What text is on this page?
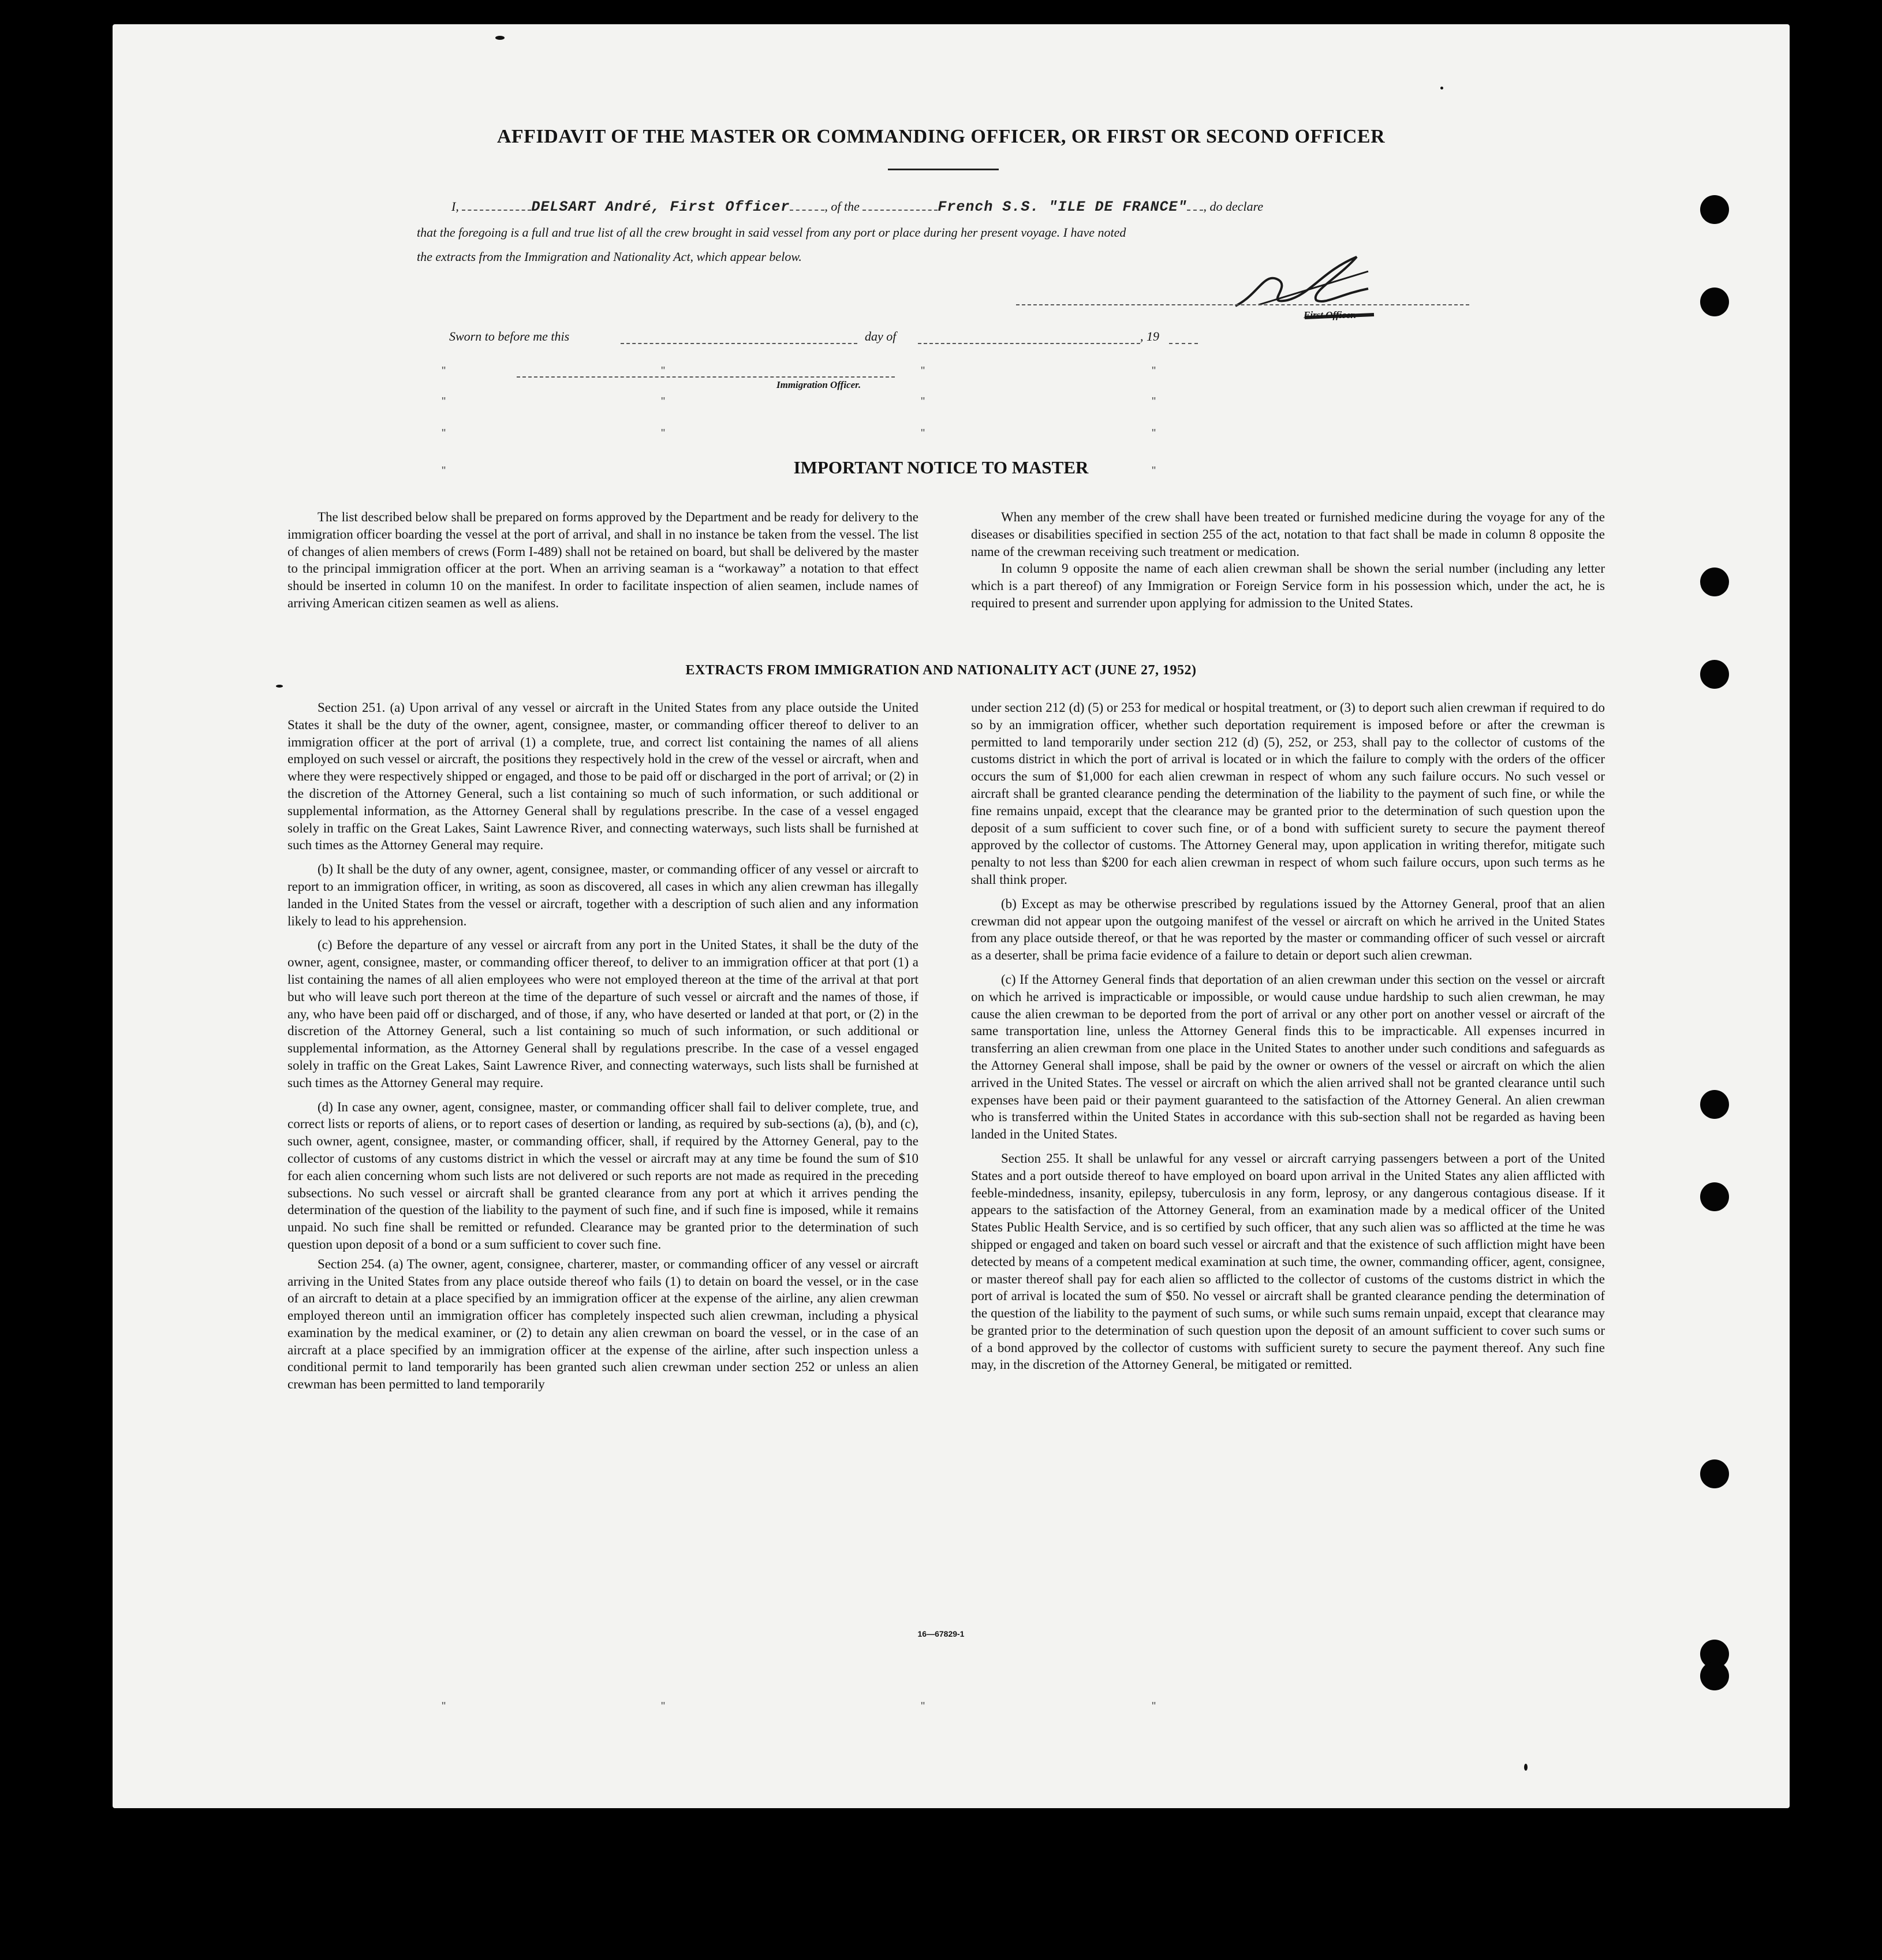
AFFIDAVIT OF THE MASTER OR COMMANDING OFFICER, OR FIRST OR SECOND OFFICER
I,	DELSART André, First Officer	, of the	French S.S. "ILE DE FRANCE" , do declare
that the foregoing is a full and true list of all the crew brought in said vessel from any port or place during her present voyage. I have noted
the extracts from the Immigration and Nationality Act, which appear below.
First Officer.
Sworn to before me this	day of	, 19
Immigration Officer.
"	"	"
"	"	"
"
"
"	"	"	"
"	"
"	"	"	"
IMPORTANT NOTICE TO MASTER

The list described below shall be prepared on forms approved by the Department and be ready for delivery to the immigration officer boarding the vessel at the port of arrival, and shall in no instance be taken from the vessel. The list of changes of alien members of crews (Form I-489) shall not be retained on board, but shall be delivered by the master to the principal immigration officer at the port. When an arriving seaman is a “workaway” a notation to that effect should be inserted in column 10 on the manifest. In order to facilitate inspection of alien seamen, include names of arriving American citizen seamen as well as aliens.

When any member of the crew shall have been treated or furnished medicine during the voyage for any of the diseases or disabilities specified in section 255 of the act, notation to that fact shall be made in column 8 opposite the name of the crewman receiving such treatment or medication.

In column 9 opposite the name of each alien crewman shall be shown the serial number (including any letter which is a part thereof) of any Immigration or Foreign Service form in his possession which, under the act, he is required to present and surrender upon applying for admission to the United States.

EXTRACTS FROM IMMIGRATION AND NATIONALITY ACT (JUNE 27, 1952)

Section 251. (a) Upon arrival of any vessel or aircraft in the United States from any place outside the United States it shall be the duty of the owner, agent, consignee, master, or commanding officer thereof to deliver to an immigration officer at the port of arrival (1) a complete, true, and correct list containing the names of all aliens employed on such vessel or aircraft, the positions they respectively hold in the crew of the vessel or aircraft, when and where they were respectively shipped or engaged, and those to be paid off or discharged in the port of arrival; or (2) in the discretion of the Attorney General, such a list containing so much of such information, or such additional or supplemental information, as the Attorney General shall by regulations prescribe. In the case of a vessel engaged solely in traffic on the Great Lakes, Saint Lawrence River, and connecting waterways, such lists shall be furnished at such times as the Attorney General may require.

(b) It shall be the duty of any owner, agent, consignee, master, or commanding officer of any vessel or aircraft to report to an immigration officer, in writing, as soon as discovered, all cases in which any alien crewman has illegally landed in the United States from the vessel or aircraft, together with a description of such alien and any information likely to lead to his apprehension.

(c) Before the departure of any vessel or aircraft from any port in the United States, it shall be the duty of the owner, agent, consignee, master, or commanding officer thereof, to deliver to an immigration officer at that port (1) a list containing the names of all alien employees who were not employed thereon at the time of the arrival at that port but who will leave such port thereon at the time of the departure of such vessel or aircraft and the names of those, if any, who have been paid off or discharged, and of those, if any, who have deserted or landed at that port, or (2) in the discretion of the Attorney General, such a list containing so much of such information, or such additional or supplemental information, as the Attorney General shall by regulations prescribe. In the case of a vessel engaged solely in traffic on the Great Lakes, Saint Lawrence River, and connecting waterways, such lists shall be furnished at such times as the Attorney General may require.

(d) In case any owner, agent, consignee, master, or commanding officer shall fail to deliver complete, true, and correct lists or reports of aliens, or to report cases of desertion or landing, as required by sub-sections (a), (b), and (c), such owner, agent, consignee, master, or commanding officer, shall, if required by the Attorney General, pay to the collector of customs of any customs district in which the vessel or aircraft may at any time be found the sum of $10 for each alien concerning whom such lists are not delivered or such reports are not made as required in the preceding subsections. No such vessel or aircraft shall be granted clearance from any port at which it arrives pending the determination of the question of the liability to the payment of such fine, and if such fine is imposed, while it remains unpaid. No such fine shall be remitted or refunded. Clearance may be granted prior to the determination of such question upon deposit of a bond or a sum sufficient to cover such fine.

Section 254. (a) The owner, agent, consignee, charterer, master, or commanding officer of any vessel or aircraft arriving in the United States from any place outside thereof who fails (1) to detain on board the vessel, or in the case of an aircraft to detain at a place specified by an immigration officer at the expense of the airline, any alien crewman employed thereon until an immigration officer has completely inspected such alien crewman, including a physical examination by the medical examiner, or (2) to detain any alien crewman on board the vessel, or in the case of an aircraft at a place specified by an immigration officer at the expense of the airline, after such inspection unless a conditional permit to land temporarily has been granted such alien crewman under section 252 or unless an alien crewman has been permitted to land temporarily

under section 212 (d) (5) or 253 for medical or hospital treatment, or (3) to deport such alien crewman if required to do so by an immigration officer, whether such deportation requirement is imposed before or after the crewman is permitted to land temporarily under section 212 (d) (5), 252, or 253, shall pay to the collector of customs of the customs district in which the port of arrival is located or in which the failure to comply with the orders of the officer occurs the sum of $1,000 for each alien crewman in respect of whom any such failure occurs. No such vessel or aircraft shall be granted clearance pending the determination of the liability to the payment of such fine, or while the fine remains unpaid, except that the clearance may be granted prior to the determination of such question upon the deposit of a sum sufficient to cover such fine, or of a bond with sufficient surety to secure the payment thereof approved by the collector of customs. The Attorney General may, upon application in writing therefor, mitigate such penalty to not less than $200 for each alien crewman in respect of whom such failure occurs, upon such terms as he shall think proper.

(b) Except as may be otherwise prescribed by regulations issued by the Attorney General, proof that an alien crewman did not appear upon the outgoing manifest of the vessel or aircraft on which he arrived in the United States from any place outside thereof, or that he was reported by the master or commanding officer of such vessel or aircraft as a deserter, shall be prima facie evidence of a failure to detain or deport such alien crewman.

(c) If the Attorney General finds that deportation of an alien crewman under this section on the vessel or aircraft on which he arrived is impracticable or impossible, or would cause undue hardship to such alien crewman, he may cause the alien crewman to be deported from the port of arrival or any other port on another vessel or aircraft of the same transportation line, unless the Attorney General finds this to be impracticable. All expenses incurred in transferring an alien crewman from one place in the United States to another under such conditions and safeguards as the Attorney General shall impose, shall be paid by the owner or owners of the vessel or aircraft on which the alien arrived in the United States. The vessel or aircraft on which the alien arrived shall not be granted clearance until such expenses have been paid or their payment guaranteed to the satisfaction of the Attorney General. An alien crewman who is transferred within the United States in accordance with this sub-section shall not be regarded as having been landed in the United States.

Section 255. It shall be unlawful for any vessel or aircraft carrying passengers between a port of the United States and a port outside thereof to have employed on board upon arrival in the United States any alien afflicted with feeble-mindedness, insanity, epilepsy, tuberculosis in any form, leprosy, or any dangerous contagious disease. If it appears to the satisfaction of the Attorney General, from an examination made by a medical officer of the United States Public Health Service, and is so certified by such officer, that any such alien was so afflicted at the time he was shipped or engaged and taken on board such vessel or aircraft and that the existence of such affliction might have been detected by means of a competent medical examination at such time, the owner, commanding officer, agent, consignee, or master thereof shall pay for each alien so afflicted to the collector of customs of the customs district in which the port of arrival is located the sum of $50. No vessel or aircraft shall be granted clearance pending the determination of the question of the liability to the payment of such sums, or while such sums remain unpaid, except that clearance may be granted prior to the determination of such question upon the deposit of an amount sufficient to cover such sums or of a bond approved by the collector of customs with sufficient surety to secure the payment thereof. Any such fine may, in the discretion of the Attorney General, be mitigated or remitted.

16—67829-1
